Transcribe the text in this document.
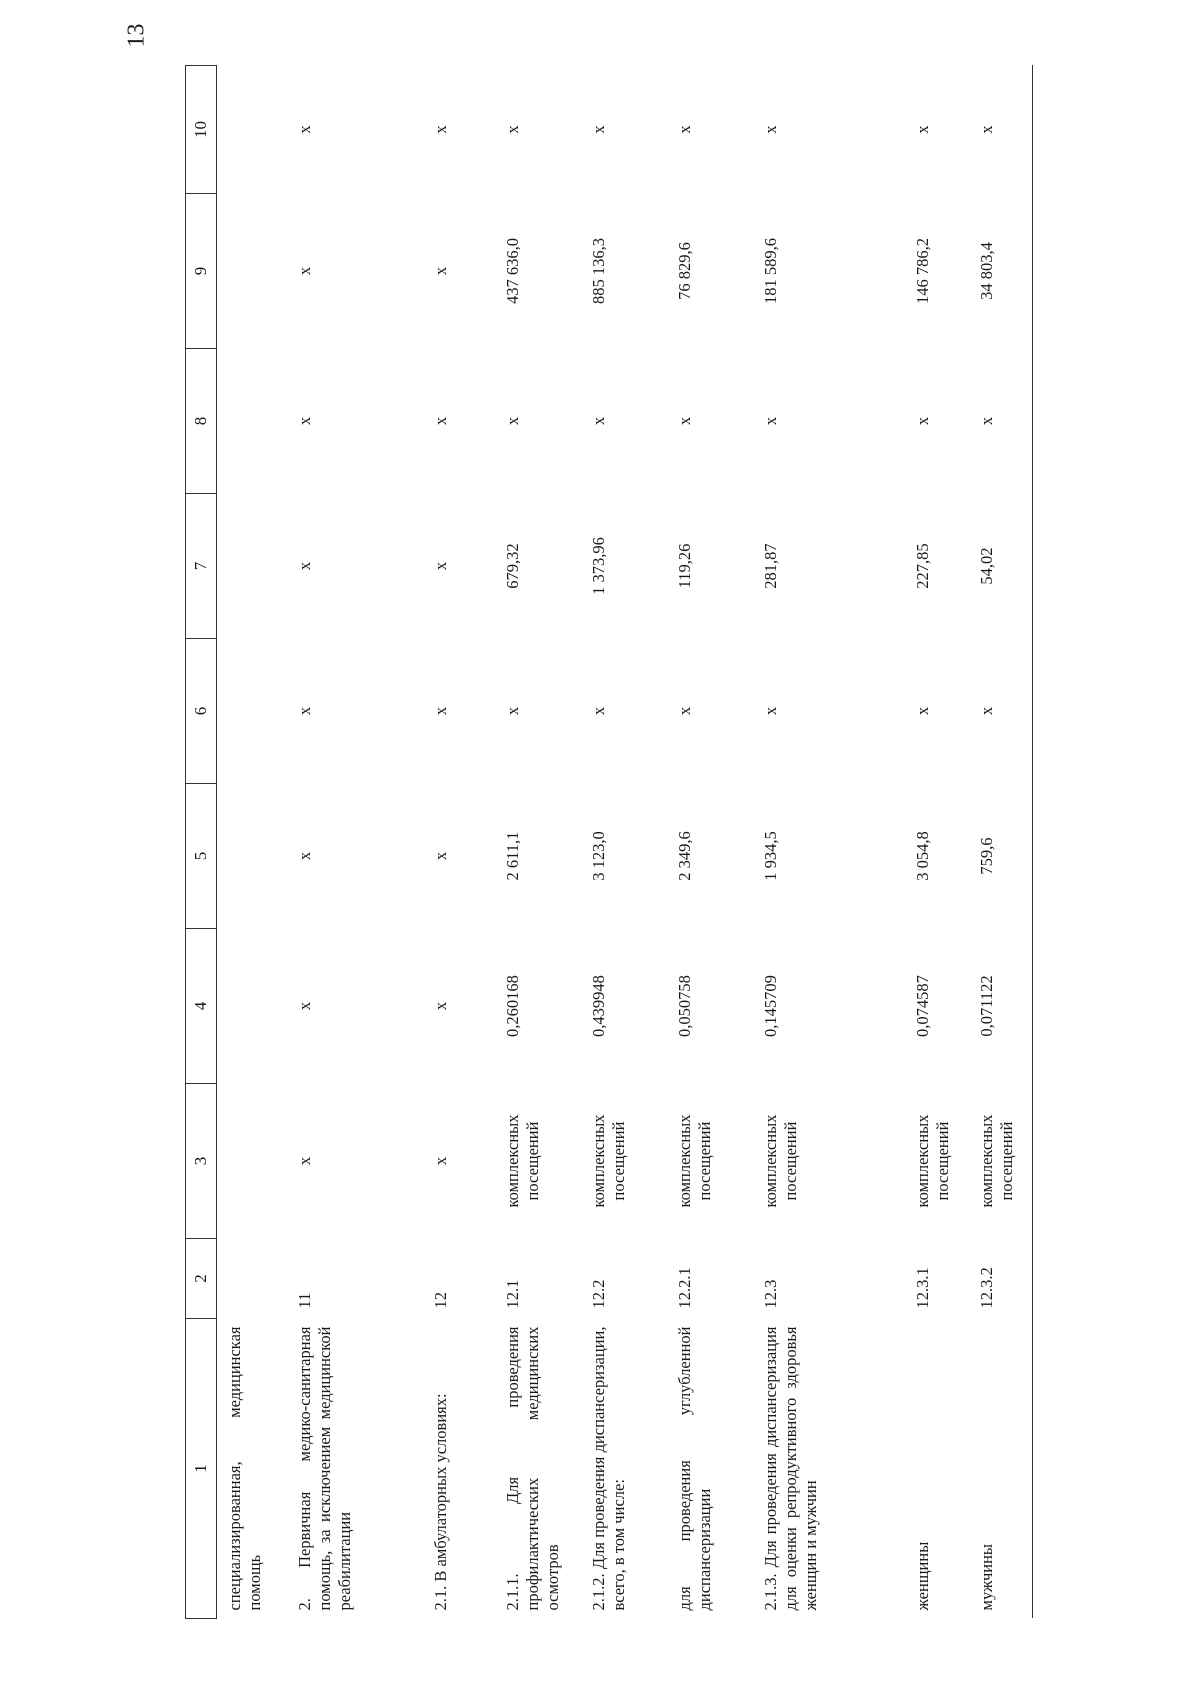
13
1	2	3	4	5	6	7	8	9	10
специализированная, медицинская помощь									
2. Первичная медико-санитарная помощь, за исключением медицинской реабилитации	11	х	х	х	х	х	х	х	х
2.1. В амбулаторных условиях:	12	х	х	х	х	х	х	х	х
2.1.1. Для проведения профилактических медицинских осмотров	12.1	комплексных посещений	0,260168	2 611,1	х	679,32	х	437 636,0	х
2.1.2. Для проведения диспансеризации, всего, в том числе:	12.2	комплексных посещений	0,439948	3 123,0	х	1 373,96	х	885 136,3	х
для проведения углубленной диспансеризации	12.2.1	комплексных посещений	0,050758	2 349,6	х	119,26	х	76 829,6	х
2.1.3. Для проведения диспансеризация для оценки репродуктивного здоровья женщин и мужчин	12.3	комплексных посещений	0,145709	1 934,5	х	281,87	х	181 589,6	х
женщины	12.3.1	комплексных посещений	0,074587	3 054,8	х	227,85	х	146 786,2	х
мужчины	12.3.2	комплексных посещений	0,071122	759,6	х	54,02	х	34 803,4	х
